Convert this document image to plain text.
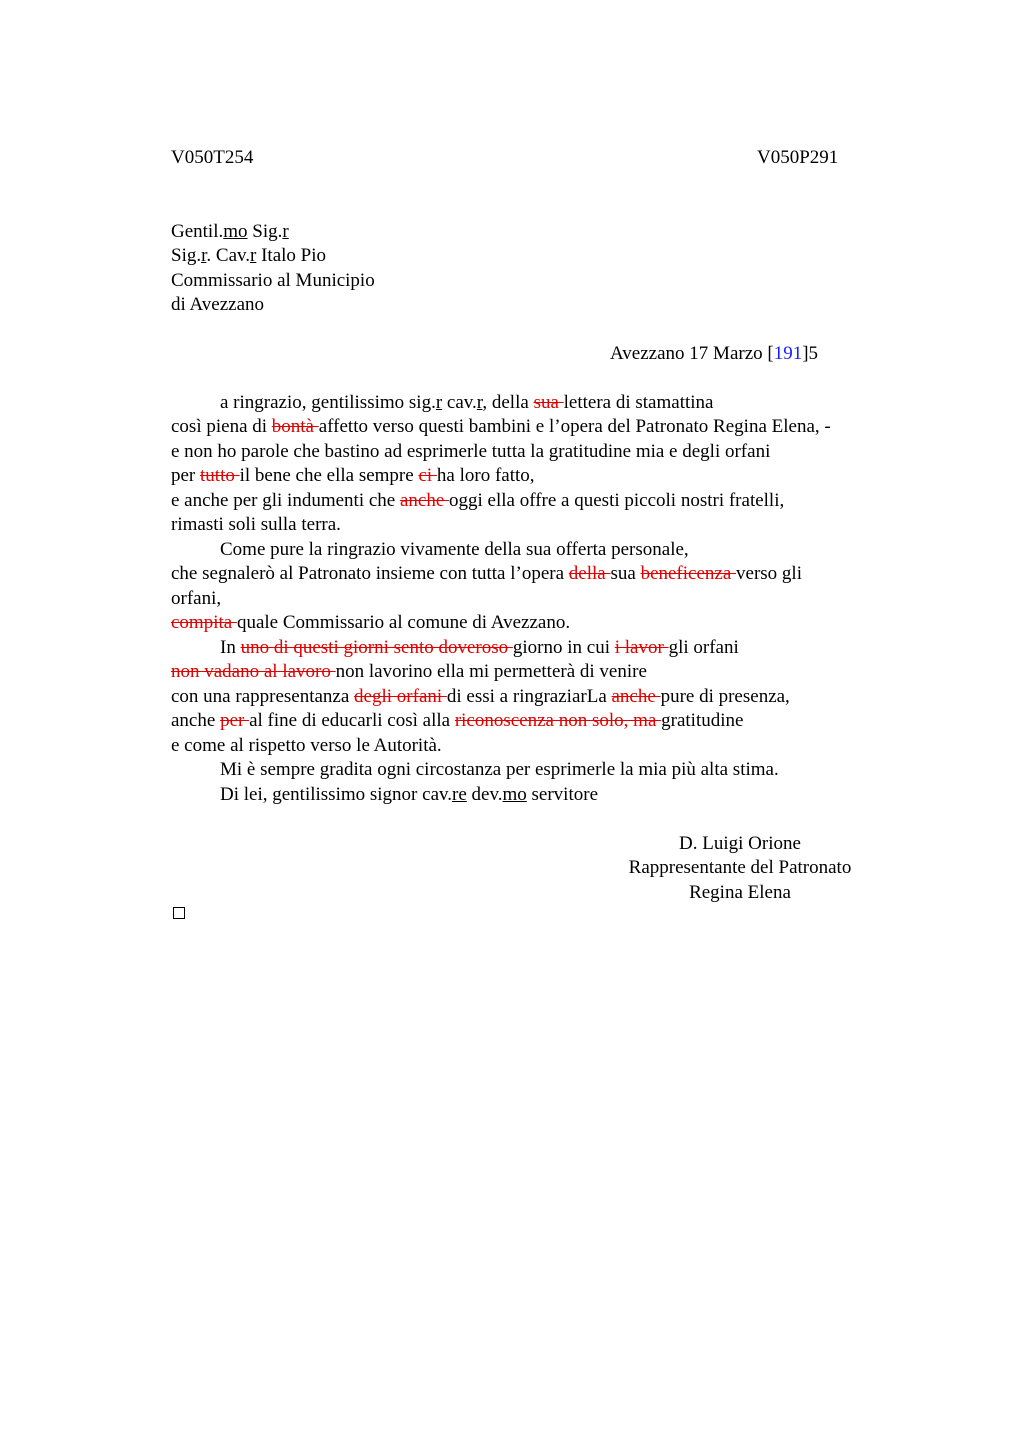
V050T254	V050P291
Gentil.mo Sig.r
Sig.r. Cav.r Italo Pio
Commissario al Municipio
di Avezzano
Avezzano 17 Marzo [191]5
a ringrazio, gentilissimo sig.r cav.r, della sua lettera di stamattina
così piena di bontà affetto verso questi bambini e l’opera del Patronato Regina Elena, -
e non ho parole che bastino ad esprimerle tutta la gratitudine mia e degli orfani
per tutto il bene che ella sempre ci ha loro fatto,
e anche per gli indumenti che anche oggi ella offre a questi piccoli nostri fratelli,
rimasti soli sulla terra.
Come pure la ringrazio vivamente della sua offerta personale,
che segnalerò al Patronato insieme con tutta l’opera della sua beneficenza verso gli
orfani,
compita quale Commissario al comune di Avezzano.
In uno di questi giorni sento doveroso giorno in cui i lavor gli orfani
non vadano al lavoro non lavorino ella mi permetterà di venire
con una rappresentanza degli orfani di essi a ringraziarLa anche pure di presenza,
anche per al fine di educarli così alla riconoscenza non solo, ma gratitudine
e come al rispetto verso le Autorità.
Mi è sempre gradita ogni circostanza per esprimerle la mia più alta stima.
Di lei, gentilissimo signor cav.re dev.mo servitore
D. Luigi Orione
Rappresentante del Patronato
Regina Elena
